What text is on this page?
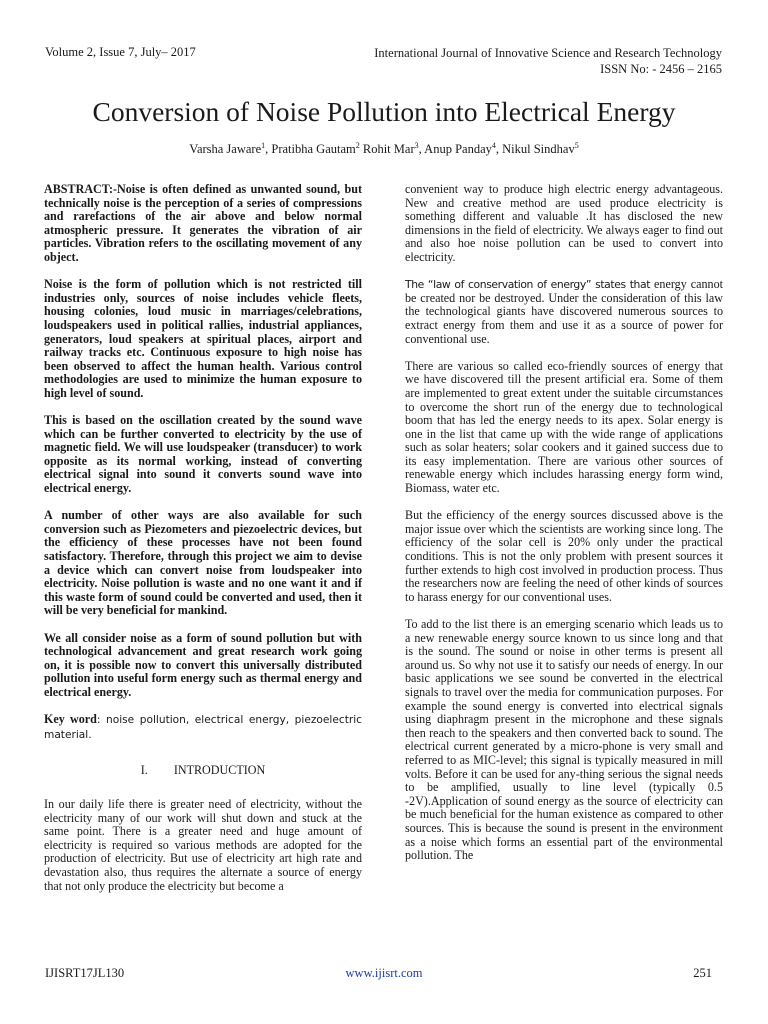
Volume 2, Issue 7, July– 2017	International Journal of Innovative Science and Research Technology
ISSN No: - 2456 – 2165
Conversion of Noise Pollution into Electrical Energy
Varsha Jaware$^1$, Pratibha Gautam$^2$ Rohit Mar$^3$, Anup Panday$^4$, Nikul Sindhav$^5$

ABSTRACT:-Noise is often defined as unwanted sound, but technically noise is the perception of a series of compressions and rarefactions of the air above and below normal atmospheric pressure. It generates the vibration of air particles. Vibration refers to the oscillating movement of any object.

Noise is the form of pollution which is not restricted till industries only, sources of noise includes vehicle fleets, housing colonies, loud music in marriages/celebrations, loudspeakers used in political rallies, industrial appliances, generators, loud speakers at spiritual places, airport and railway tracks etc. Continuous exposure to high noise has been observed to affect the human health. Various control methodologies are used to minimize the human exposure to high level of sound.

This is based on the oscillation created by the sound wave which can be further converted to electricity by the use of magnetic field. We will use loudspeaker (transducer) to work opposite as its normal working, instead of converting electrical signal into sound it converts sound wave into electrical energy.

A number of other ways are also available for such conversion such as Piezometers and piezoelectric devices, but the efficiency of these processes have not been found satisfactory. Therefore, through this project we aim to devise a device which can convert noise from loudspeaker into electricity. Noise pollution is waste and no one want it and if this waste form of sound could be converted and used, then it will be very beneficial for mankind.

We all consider noise as a form of sound pollution but with technological advancement and great research work going on, it is possible now to convert this universally distributed pollution into useful form energy such as thermal energy and electrical energy.

Key word: noise pollution, electrical energy, piezoelectric material.

I. INTRODUCTION

In our daily life there is greater need of electricity, without the electricity many of our work will shut down and stuck at the same point. There is a greater need and huge amount of electricity is required so various methods are adopted for the production of electricity. But use of electricity art high rate and devastation also, thus requires the alternate a source of energy that not only produce the electricity but become a

convenient way to produce high electric energy advantageous. New and creative method are used produce electricity is something different and valuable .It has disclosed the new dimensions in the field of electricity. We always eager to find out and also hoe noise pollution can be used to convert into electricity.

The “law of conservation of energy” states that energy cannot be created nor be destroyed. Under the consideration of this law the technological giants have discovered numerous sources to extract energy from them and use it as a source of power for conventional use.

There are various so called eco-friendly sources of energy that we have discovered till the present artificial era. Some of them are implemented to great extent under the suitable circumstances to overcome the short run of the energy due to technological boom that has led the energy needs to its apex. Solar energy is one in the list that came up with the wide range of applications such as solar heaters; solar cookers and it gained success due to its easy implementation. There are various other sources of renewable energy which includes harassing energy form wind, Biomass, water etc.

But the efficiency of the energy sources discussed above is the major issue over which the scientists are working since long. The efficiency of the solar cell is 20% only under the practical conditions. This is not the only problem with present sources it further extends to high cost involved in production process. Thus the researchers now are feeling the need of other kinds of sources to harass energy for our conventional uses.

To add to the list there is an emerging scenario which leads us to a new renewable energy source known to us since long and that is the sound. The sound or noise in other terms is present all around us. So why not use it to satisfy our needs of energy. In our basic applications we see sound be converted in the electrical signals to travel over the media for communication purposes. For example the sound energy is converted into electrical signals using diaphragm present in the microphone and these signals then reach to the speakers and then converted back to sound. The electrical current generated by a micro-phone is very small and referred to as MIC-level; this signal is typically measured in mill volts. Before it can be used for any-thing serious the signal needs to be amplified, usually to line level (typically 0.5 -2V).Application of sound energy as the source of electricity can be much beneficial for the human existence as compared to other sources. This is because the sound is present in the environment as a noise which forms an essential part of the environmental pollution. The

IJISRT17JL130	www.ijisrt.com	251
